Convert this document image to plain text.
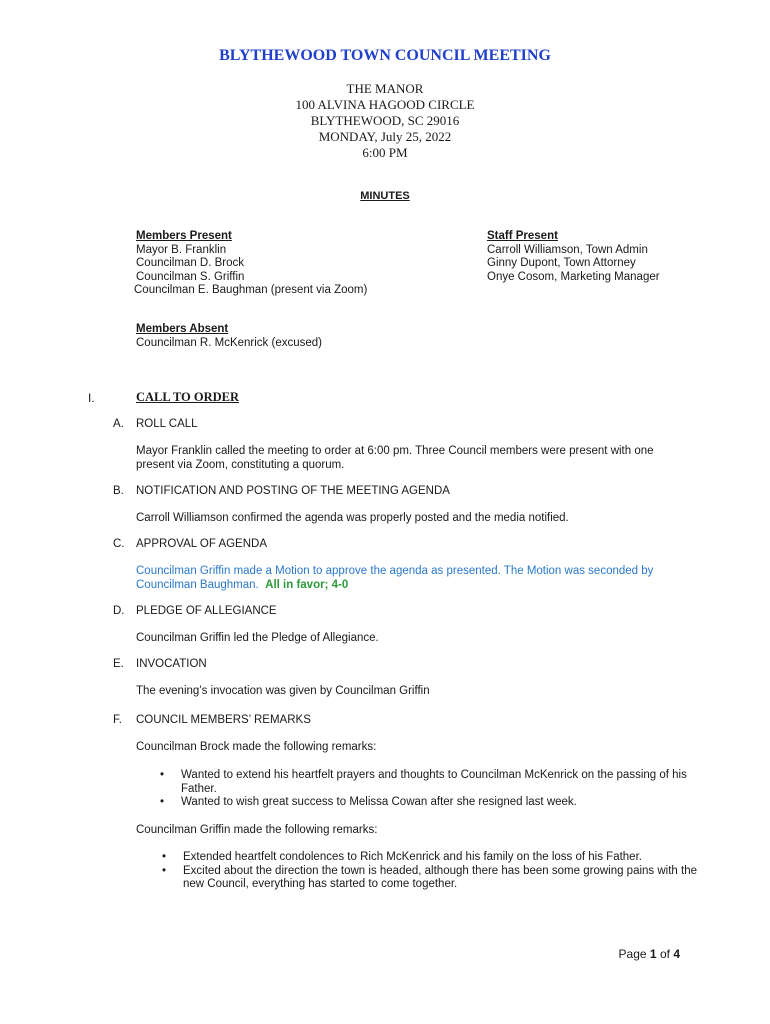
BLYTHEWOOD TOWN COUNCIL MEETING
THE MANOR
100 ALVINA HAGOOD CIRCLE
BLYTHEWOOD, SC 29016
MONDAY, July 25, 2022
6:00 PM
MINUTES
Members Present
Mayor B. Franklin
Councilman D. Brock
Councilman S. Griffin
Councilman E. Baughman (present via Zoom)
Staff Present
Carroll Williamson, Town Admin
Ginny Dupont, Town Attorney
Onye Cosom, Marketing Manager
Members Absent
Councilman R. McKenrick (excused)
I.	CALL TO ORDER
A. ROLL CALL
Mayor Franklin called the meeting to order at 6:00 pm. Three Council members were present with one present via Zoom, constituting a quorum.
B. NOTIFICATION AND POSTING OF THE MEETING AGENDA
Carroll Williamson confirmed the agenda was properly posted and the media notified.
C. APPROVAL OF AGENDA
Councilman Griffin made a Motion to approve the agenda as presented. The Motion was seconded by Councilman Baughman. All in favor; 4-0
D. PLEDGE OF ALLEGIANCE
Councilman Griffin led the Pledge of Allegiance.
E. INVOCATION
The evening’s invocation was given by Councilman Griffin
F. COUNCIL MEMBERS’ REMARKS
Councilman Brock made the following remarks:
• Wanted to extend his heartfelt prayers and thoughts to Councilman McKenrick on the passing of his Father.
• Wanted to wish great success to Melissa Cowan after she resigned last week.
Councilman Griffin made the following remarks:
• Extended heartfelt condolences to Rich McKenrick and his family on the loss of his Father.
• Excited about the direction the town is headed, although there has been some growing pains with the new Council, everything has started to come together.
Page 1 of 4
